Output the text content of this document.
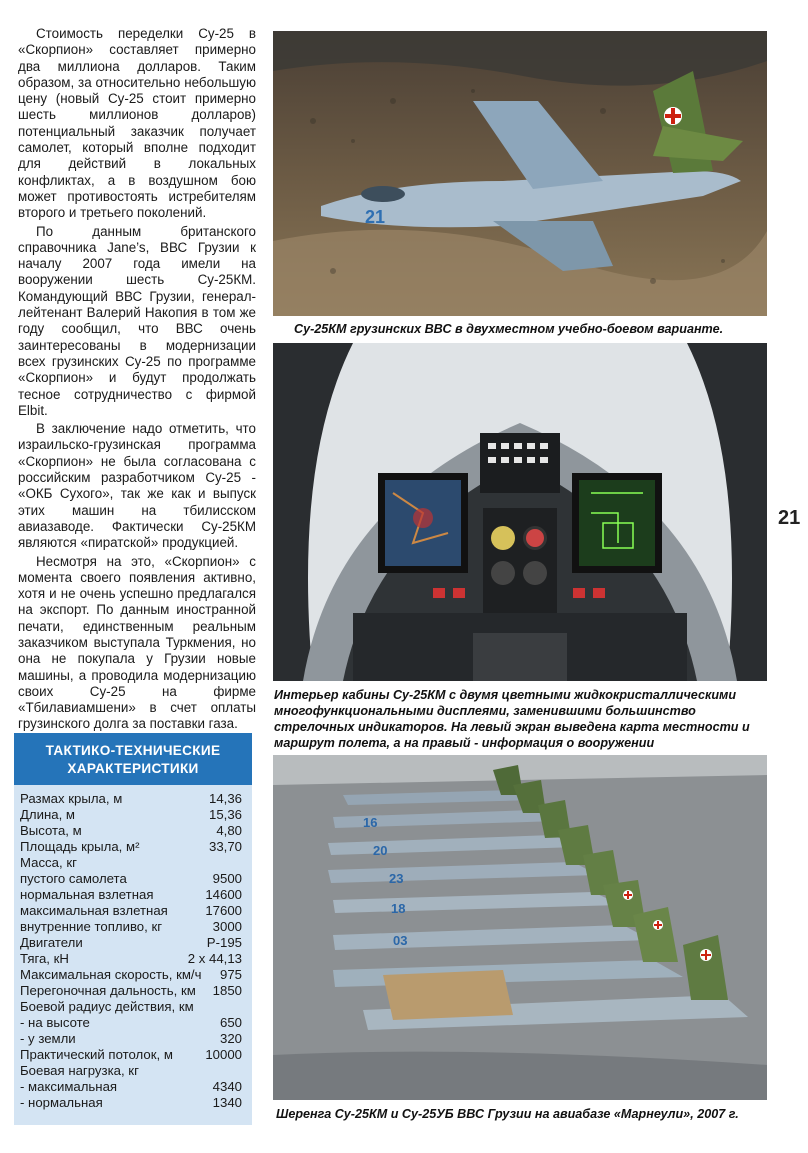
Стоимость переделки Су-25 в «Скорпион» составляет примерно два миллиона долларов. Таким образом, за относительно небольшую цену (новый Су-25 стоит примерно шесть миллионов долларов) потенциальный заказчик получает самолет, который вполне подходит для действий в локальных конфликтах, а в воздушном бою может противостоять истребителям второго и третьего поколений.

По данным британского справочника Jane’s, ВВС Грузии к началу 2007 года имели на вооружении шесть Су-25КМ. Командующий ВВС Грузии, генерал-лейтенант Валерий Накопия в том же году сообщил, что ВВС очень заинтересованы в модернизации всех грузинских Су-25 по программе «Скорпион» и будут продолжать тесное сотрудничество с фирмой Elbit.

В заключение надо отметить, что израильско-грузинская программа «Скорпион» не была согласована с российским разработчиком Су-25 - «ОКБ Сухого», так же как и выпуск этих машин на тбилисском авиазаводе. Фактически Су-25КМ являются «пиратской» продукцией.

Несмотря на это, «Скорпион» с момента своего появления активно, хотя и не очень успешно предлагался на экспорт. По данным иностранной печати, единственным реальным заказчиком выступала Туркмения, но она не покупала у Грузии новые машины, а проводила модернизацию своих Су-25 на фирме «Тбилавиамшени» в счет оплаты грузинского долга за поставки газа.

ТАКТИКО-ТЕХНИЧЕСКИЕ
ХАРАКТЕРИСТИКИ
Размах крыла, м	14,36
Длина, м	15,36
Высота, м	4,80
Площадь крыла, м²	33,70
Масса, кг
пустого самолета	9500
нормальная взлетная	14600
максимальная взлетная	17600
внутренние топливо, кг	3000
Двигатели	Р-195
Тяга, кН	2 х 44,13
Максимальная скорость, км/ч 975
Перегоночная дальность, км 1850
Боевой радиус действия, км
- на высоте	650
- у земли	320
Практический потолок, м 10000
Боевая нагрузка, кг
- максимальная	4340
- нормальная	1340
21
Су-25КМ грузинских ВВС в двухместном учебно-боевом варианте.
Интерьер кабины Су-25КМ с двумя цветными жидкокристаллическими многофункциональными дисплеями, заменившими большинство стрелочных индикаторов. На левый экран выведена карта местности и маршрут полета, а на правый - информация о вооружении
03
18
23
20
16
Шеренга Су-25КМ и Су-25УБ ВВС Грузии на авиабазе «Марнеули», 2007 г.
21
